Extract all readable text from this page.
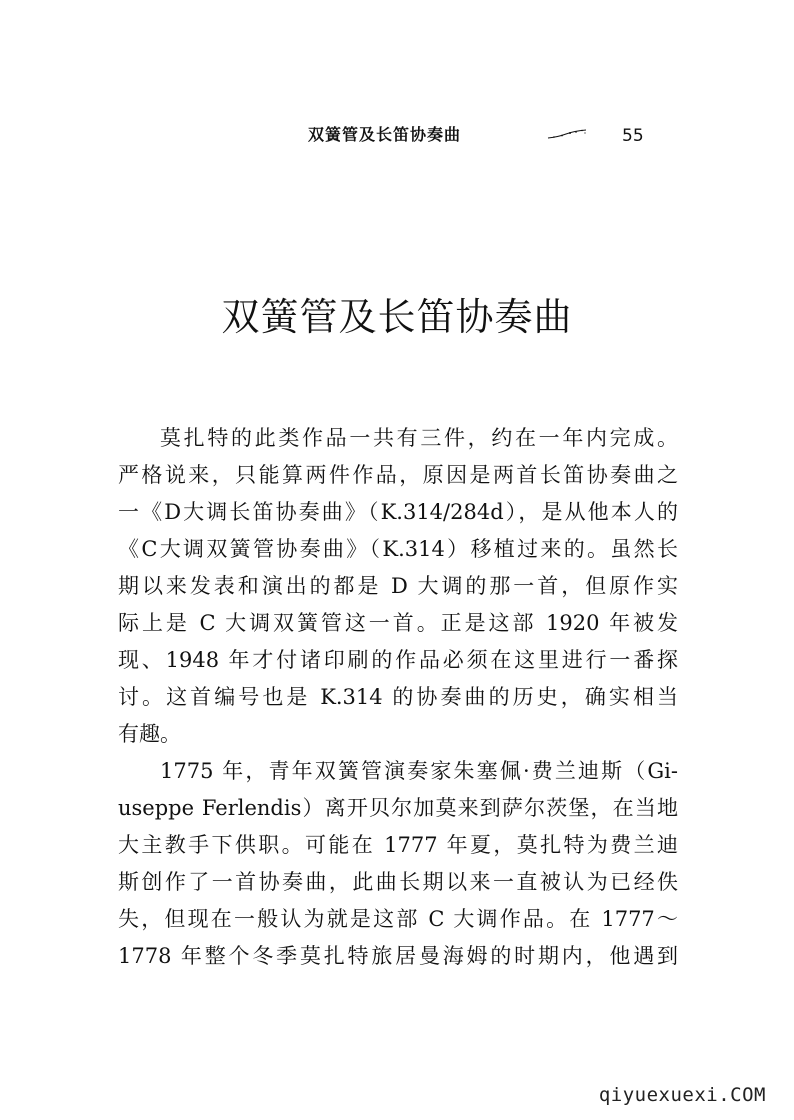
双簧管及长笛协奏曲	55
双簧管及长笛协奏曲
莫扎特的此类作品一共有三件，约在一年内完成。
严格说来，只能算两件作品，原因是两首长笛协奏曲之
一《D大调长笛协奏曲》（K.314/284d），是从他本人的
《C大调双簧管协奏曲》（K.314）移植过来的。虽然长
期以来发表和演出的都是 D 大调的那一首，但原作实
际上是 C 大调双簧管这一首。正是这部 1920 年被发
现、1948 年才付诸印刷的作品必须在这里进行一番探
讨。这首编号也是 K.314 的协奏曲的历史，确实相当
有趣。
1775 年，青年双簧管演奏家朱塞佩·费兰迪斯（Gi-
useppe Ferlendis）离开贝尔加莫来到萨尔茨堡，在当地
大主教手下供职。可能在 1777 年夏，莫扎特为费兰迪
斯创作了一首协奏曲，此曲长期以来一直被认为已经佚
失，但现在一般认为就是这部 C 大调作品。在 1777～
1778 年整个冬季莫扎特旅居曼海姆的时期内，他遇到
qiyuexuexi.COM
